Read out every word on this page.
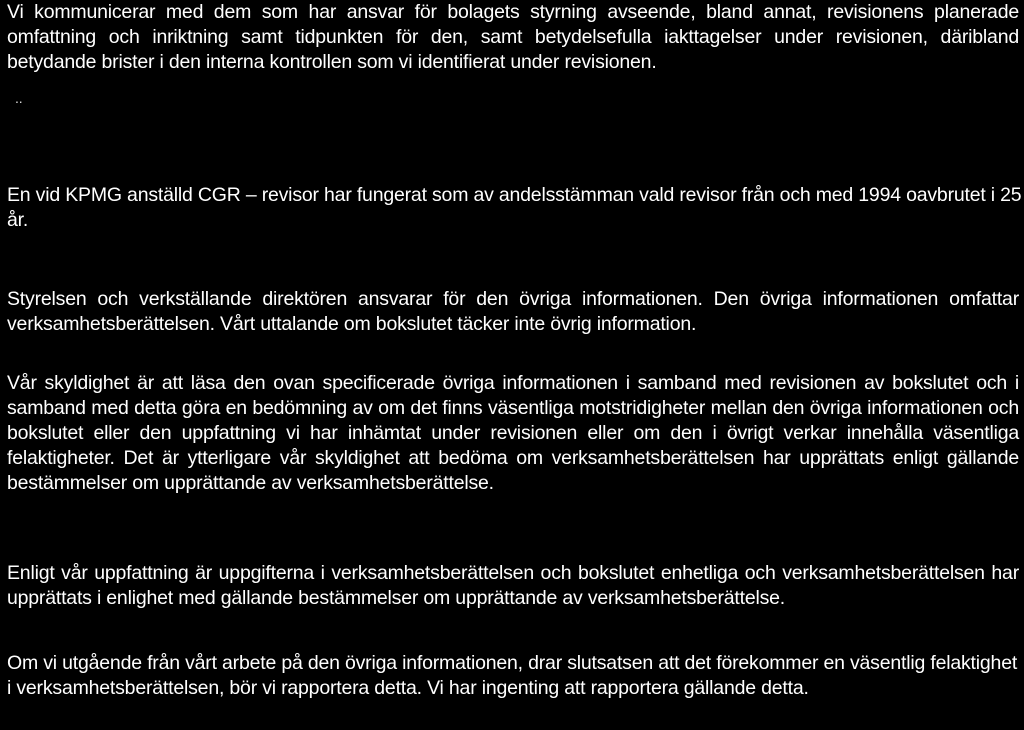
Vi kommunicerar med dem som har ansvar för bolagets styrning avseende, bland annat, revisionens planerade omfattning och inriktning samt tidpunkten för den, samt betydelsefulla iakttagelser under revisionen, däribland betydande brister i den interna kontrollen som vi identifierat under revisionen.

..

En vid KPMG anställd CGR – revisor har fungerat som av andelsstämman vald revisor från och med 1994 oavbrutet i 25 år.

Styrelsen och verkställande direktören ansvarar för den övriga informationen. Den övriga informationen omfattar verksamhetsberättelsen. Vårt uttalande om bokslutet täcker inte övrig information.

Vår skyldighet är att läsa den ovan specificerade övriga informationen i samband med revisionen av bokslutet och i samband med detta göra en bedömning av om det finns väsentliga motstridigheter mellan den övriga informationen och bokslutet eller den uppfattning vi har inhämtat under revisionen eller om den i övrigt verkar innehålla väsentliga felaktigheter. Det är ytterligare vår skyldighet att bedöma om verksamhetsberättelsen har upprättats enligt gällande bestämmelser om upprättande av verksamhetsberättelse.

Enligt vår uppfattning är uppgifterna i verksamhetsberättelsen och bokslutet enhetliga och verksamhetsberättelsen har upprättats i enlighet med gällande bestämmelser om upprättande av verksamhetsberättelse.

Om vi utgående från vårt arbete på den övriga informationen, drar slutsatsen att det förekommer en väsentlig felaktighet i verksamhetsberättelsen, bör vi rapportera detta. Vi har ingenting att rapportera gällande detta.
